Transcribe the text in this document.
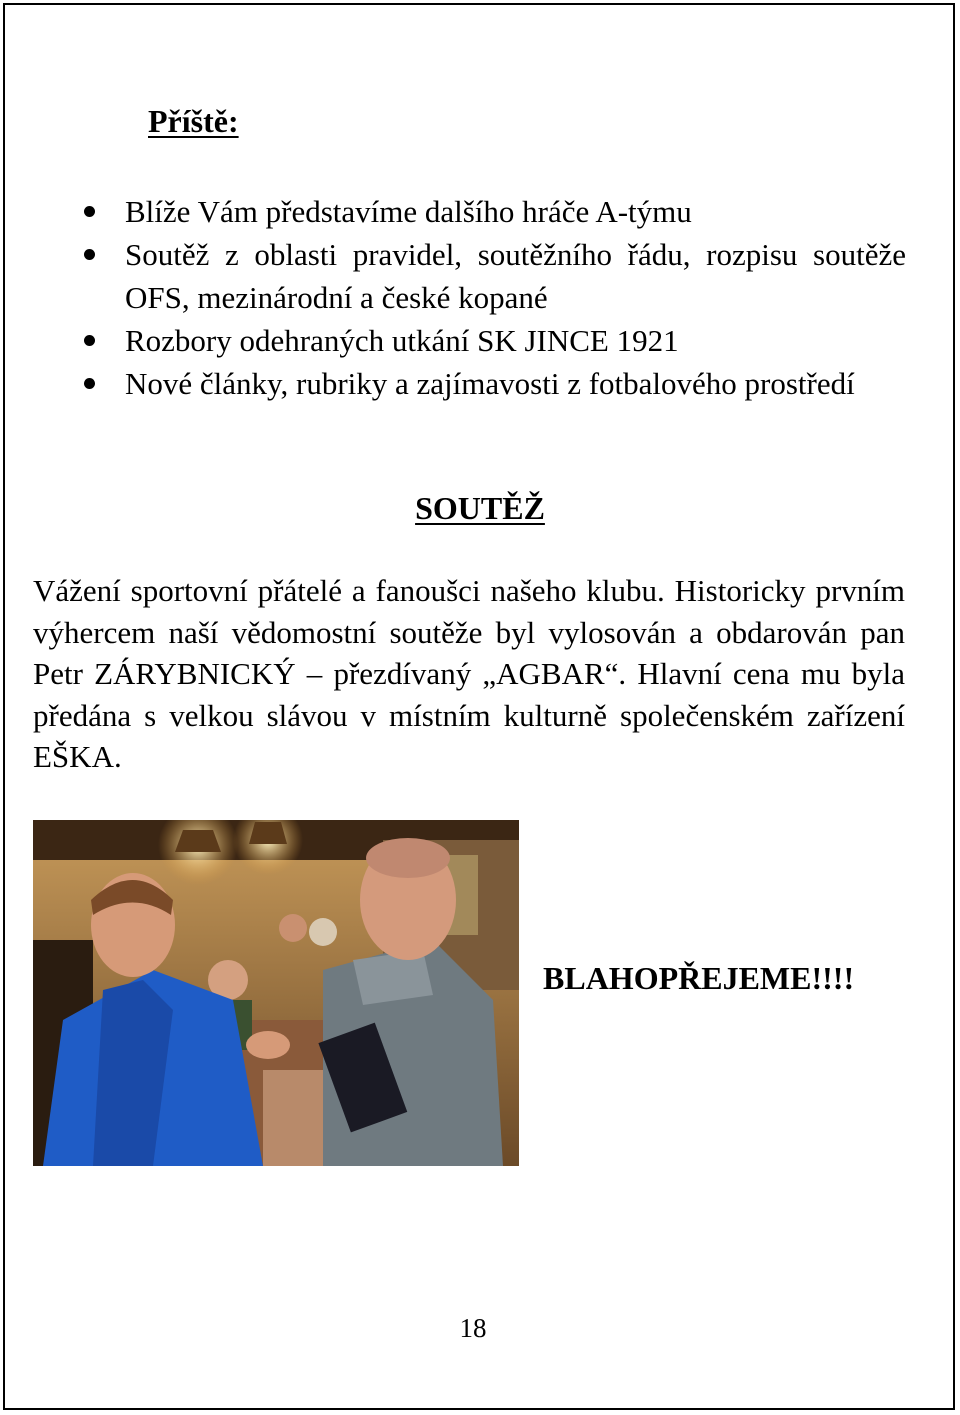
Příště:
Blíže Vám představíme dalšího hráče A-týmu
Soutěž z oblasti pravidel, soutěžního řádu, rozpisu soutěže OFS, mezinárodní a české kopané
Rozbory odehraných utkání SK JINCE 1921
Nové články, rubriky a zajímavosti z fotbalového prostředí
SOUTĚŽ
Vážení sportovní přátelé a fanoušci našeho klubu. Historicky prvním výhercem naší vědomostní soutěže byl vylosován a obdarován pan Petr ZÁRYBNICKÝ – přezdívaný „AGBAR“. Hlavní cena mu byla předána s velkou slávou v místním kulturně společenském zařízení EŠKA.
BLAHOPŘEJEME!!!!
18
